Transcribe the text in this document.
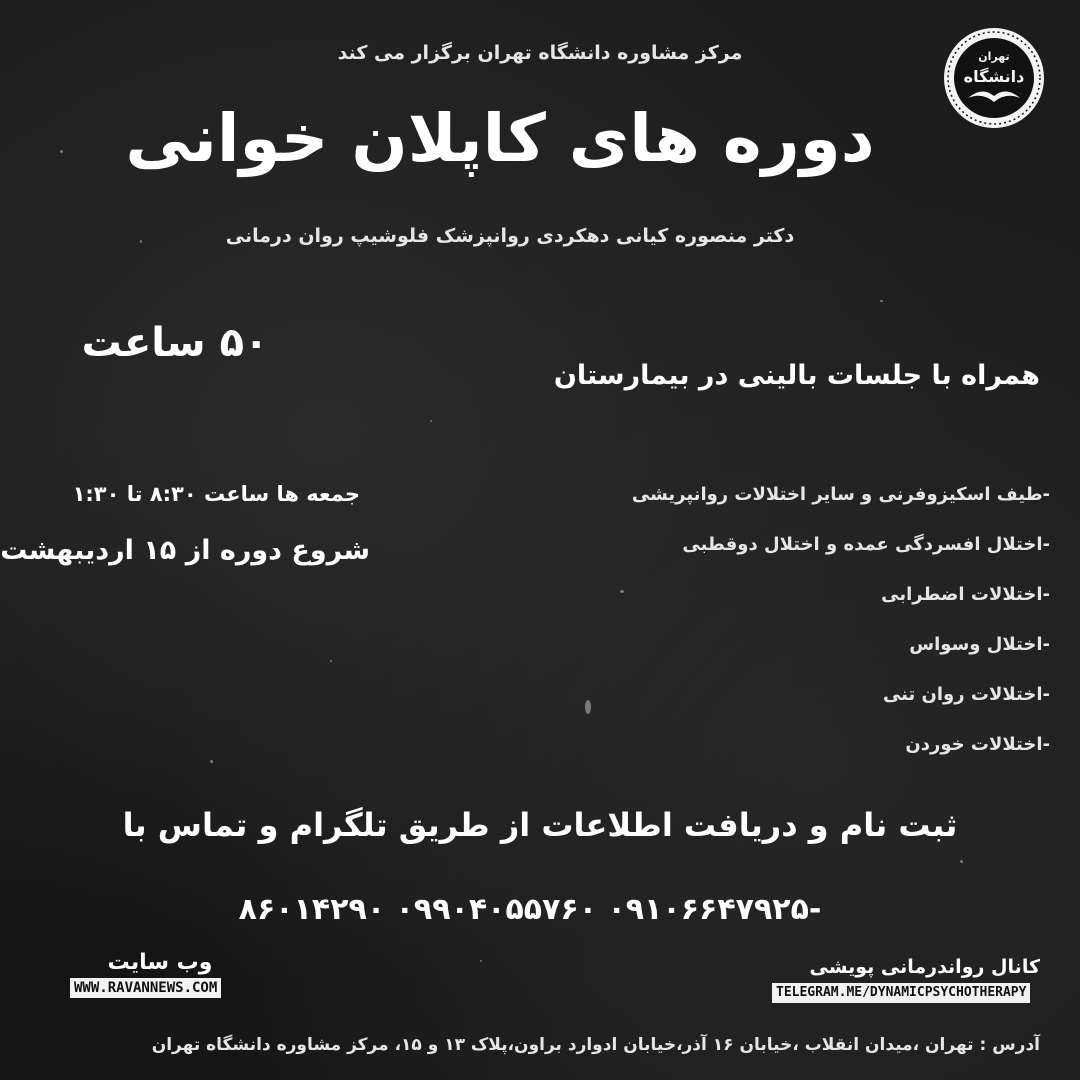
تهران
دانشگاه
مرکز مشاوره دانشگاه تهران برگزار می کند
دوره های کاپلان خوانی
دکتر منصوره کیانی دهکردی روانپزشک فلوشیپ روان درمانی
۵۰ ساعت
همراه با جلسات بالینی در بیمارستان
جمعه ها ساعت ۸:۳۰ تا ۱:۳۰
شروع دوره از ۱۵ اردیبهشت
-طیف اسکیزوفرنی و سایر اختلالات روانپریشی
-اختلال افسردگی عمده و اختلال دوقطبی
-اختلالات اضطرابی
-اختلال وسواس
-اختلالات روان تنی
-اختلالات خوردن
ثبت نام و دریافت اطلاعات از طریق تلگرام و تماس با
۸۶۰۱۴۲۹۰ ۰۹۹۰۴۰۵۵۷۶۰ ۰۹۱۰۶۶۴۷۹۲۵-
وب سایت
WWW.RAVANNEWS.COM
کانال رواندرمانی پویشی
TELEGRAM.ME/DYNAMICPSYCHOTHERAPY
آدرس : تهران ،میدان انقلاب ،خیابان ۱۶ آذر،خیابان ادوارد براون،پلاک ۱۳ و ۱۵، مرکز مشاوره دانشگاه تهران
